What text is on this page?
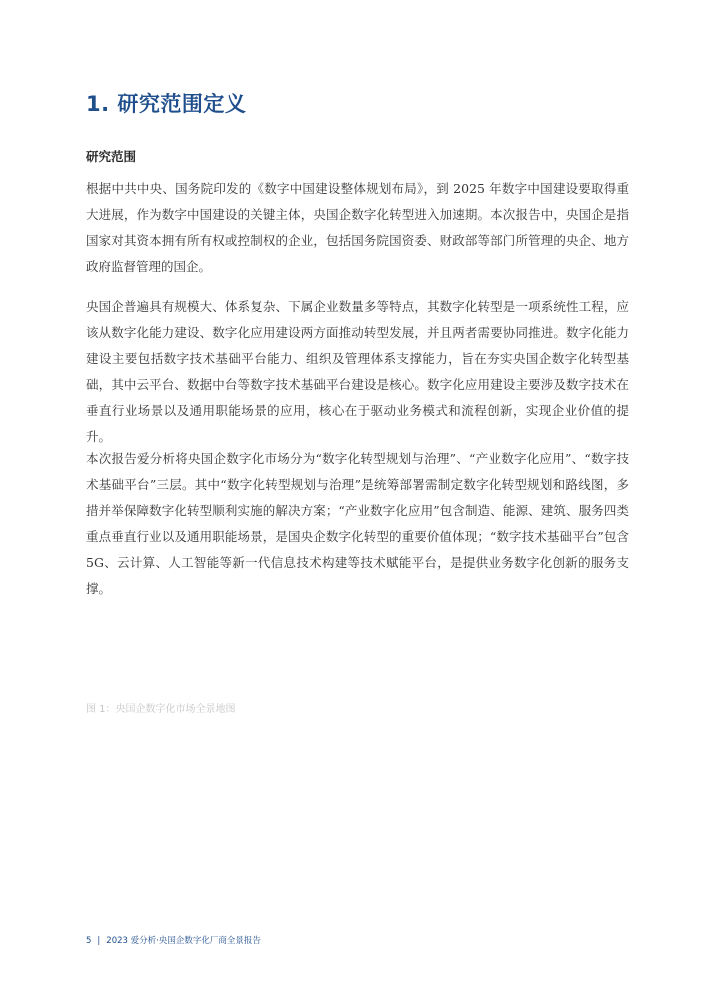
1. 研究范围定义
研究范围

根据中共中央、国务院印发的《数字中国建设整体规划布局》，到 2025 年数字中国建设要取得重大进展，作为数字中国建设的关键主体，央国企数字化转型进入加速期。本次报告中，央国企是指国家对其资本拥有所有权或控制权的企业，包括国务院国资委、财政部等部门所管理的央企、地方政府监督管理的国企。

央国企普遍具有规模大、体系复杂、下属企业数量多等特点，其数字化转型是一项系统性工程，应该从数字化能力建设、数字化应用建设两方面推动转型发展，并且两者需要协同推进。数字化能力建设主要包括数字技术基础平台能力、组织及管理体系支撑能力，旨在夯实央国企数字化转型基础，其中云平台、数据中台等数字技术基础平台建设是核心。数字化应用建设主要涉及数字技术在垂直行业场景以及通用职能场景的应用，核心在于驱动业务模式和流程创新，实现企业价值的提升。

本次报告爱分析将央国企数字化市场分为“数字化转型规划与治理”、“产业数字化应用”、“数字技术基础平台”三层。其中“数字化转型规划与治理”是统筹部署需制定数字化转型规划和路线图，多措并举保障数字化转型顺利实施的解决方案；“产业数字化应用”包含制造、能源、建筑、服务四类重点垂直行业以及通用职能场景，是国央企数字化转型的重要价值体现；“数字技术基础平台”包含 5G、云计算、人工智能等新一代信息技术构建等技术赋能平台，是提供业务数字化创新的服务支撑。

图 1：央国企数字化市场全景地图

5 | 2023 爱分析·央国企数字化厂商全景报告
